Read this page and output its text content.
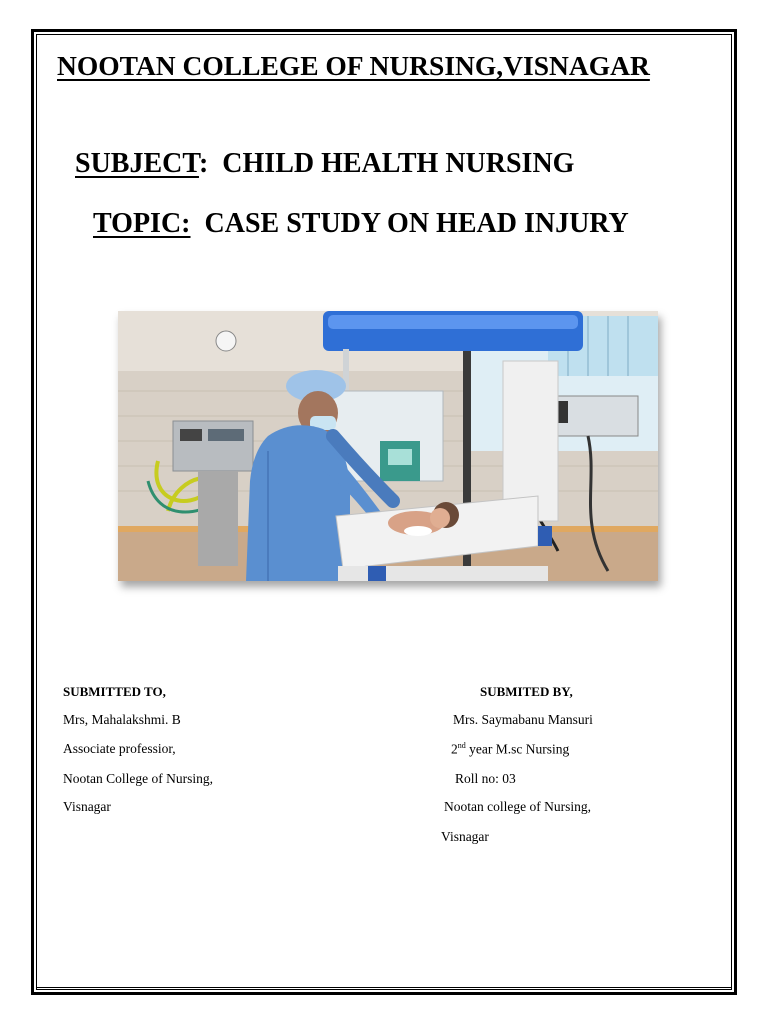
NOOTAN COLLEGE OF NURSING,VISNAGAR
SUBJECT:  CHILD HEALTH NURSING
TOPIC: CASE STUDY ON HEAD INJURY
SUBMITTED TO,
Mrs, Mahalakshmi. B
Associate professior,
Nootan College of Nursing,
Visnagar
SUBMITED BY,
Mrs. Saymabanu Mansuri
2nd year M.sc Nursing
Roll no: 03
Nootan college of Nursing,
Visnagar
